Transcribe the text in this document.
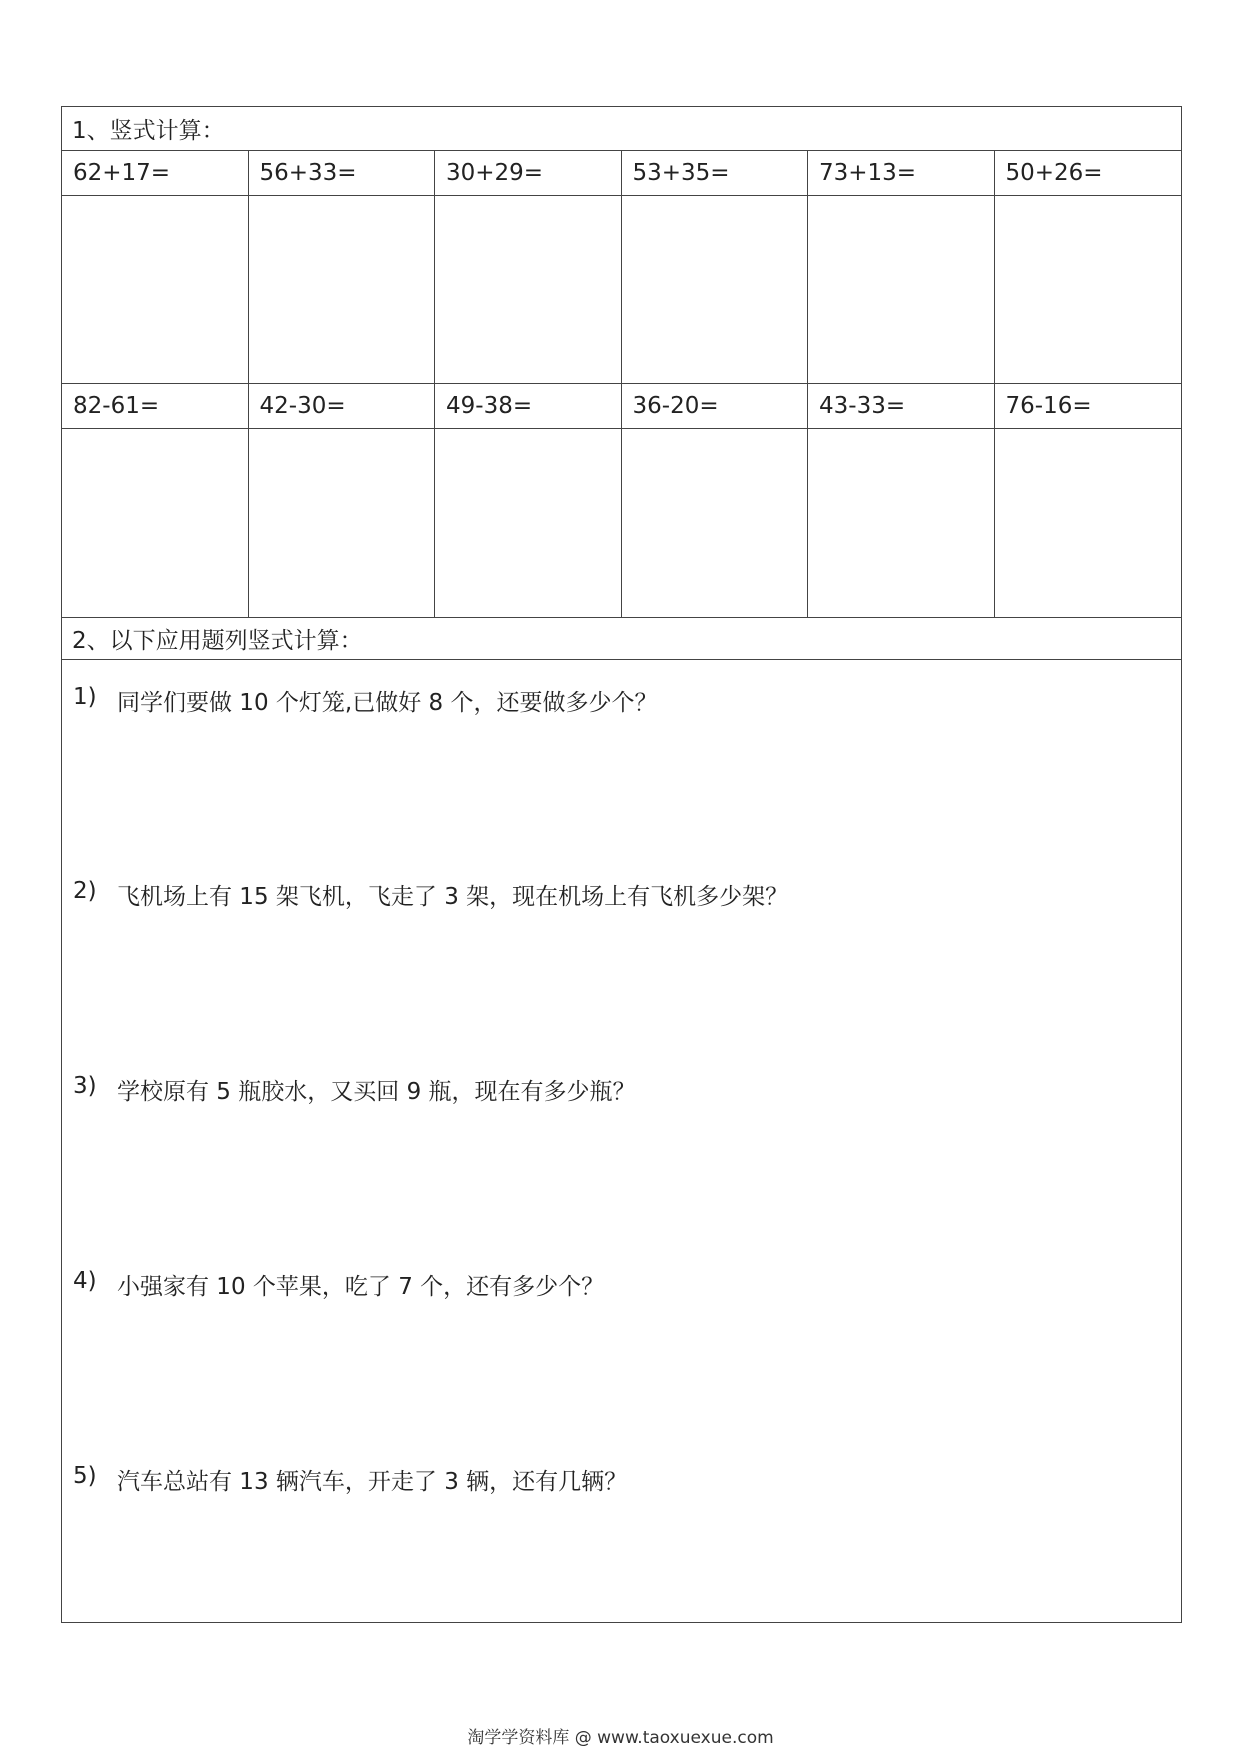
1、竖式计算：
62+17=	56+33=	30+29=	53+35=	73+13=	50+26=
82-61=	42-30=	49-38=	36-20=	43-33=	76-16=
2、以下应用题列竖式计算：
1) 同学们要做 10 个灯笼,已做好 8 个，还要做多少个？
2) 飞机场上有 15 架飞机，飞走了 3 架，现在机场上有飞机多少架？
3) 学校原有 5 瓶胶水，又买回 9 瓶，现在有多少瓶？
4) 小强家有 10 个苹果，吃了 7 个，还有多少个？
5) 汽车总站有 13 辆汽车，开走了 3 辆，还有几辆？
淘学学资料库 @ www.taoxuexue.com
